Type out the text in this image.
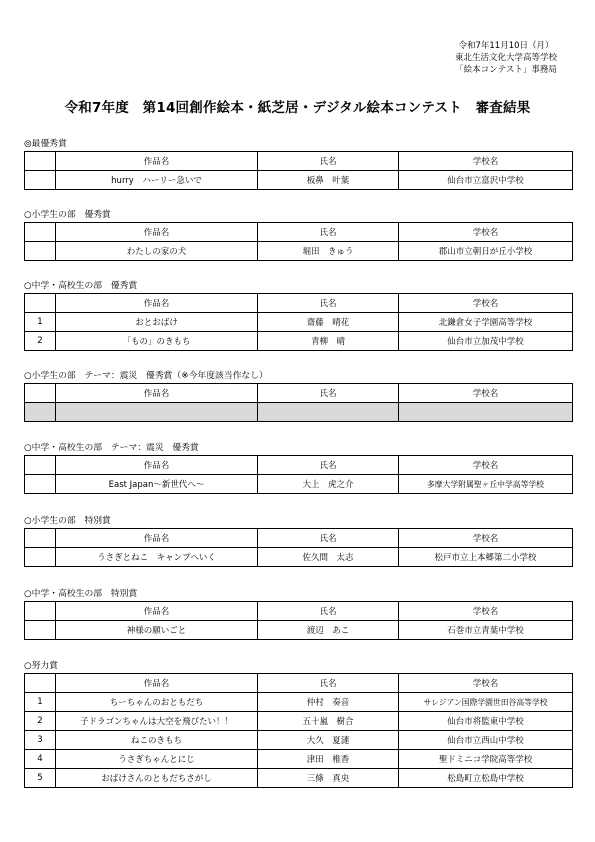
令和7年11月10日（月）
東北生活文化大学高等学校
「絵本コンテスト」事務局
令和7年度　第14回創作絵本・紙芝居・デジタル絵本コンテスト　審査結果
◎最優秀賞
	作品名	氏名	学校名
	hurry　ハーリー急いで	板鼻　叶葉	仙台市立富沢中学校
○小学生の部　優秀賞
	作品名	氏名	学校名
	わたしの家の犬	堀田　きゅう	郡山市立朝日が丘小学校
○中学・高校生の部　優秀賞
	作品名	氏名	学校名
1	おとおばけ	齋藤　晴花	北鎌倉女子学園高等学校
2	「もの」のきもち	青柳　晴	仙台市立加茂中学校
○小学生の部　テーマ：震災　優秀賞（※今年度該当作なし）
	作品名	氏名	学校名

○中学・高校生の部　テーマ：震災　優秀賞
	作品名	氏名	学校名
	East Japan～新世代へ～	大上　虎之介	多摩大学附属聖ヶ丘中学高等学校
○小学生の部　特別賞
	作品名	氏名	学校名
	うさぎとねこ　キャンプへいく	佐久間　太志	松戸市立上本郷第二小学校
○中学・高校生の部　特別賞
	作品名	氏名	学校名
	神様の願いごと	渡辺　あこ	石巻市立青葉中学校
○努力賞
	作品名	氏名	学校名
1	ちーちゃんのおともだち	仲村　奏音	サレジアン国際学園世田谷高等学校
2	子ドラゴンちゃんは大空を飛びたい！！	五十嵐　樹合	仙台市将監東中学校
3	ねこのきもち	大久　夏漣	仙台市立西山中学校
4	うさぎちゃんとにじ	津田　椎香	聖ドミニコ学院高等学校
5	おばけさんのともだちさがし	三條　真央	松島町立松島中学校
